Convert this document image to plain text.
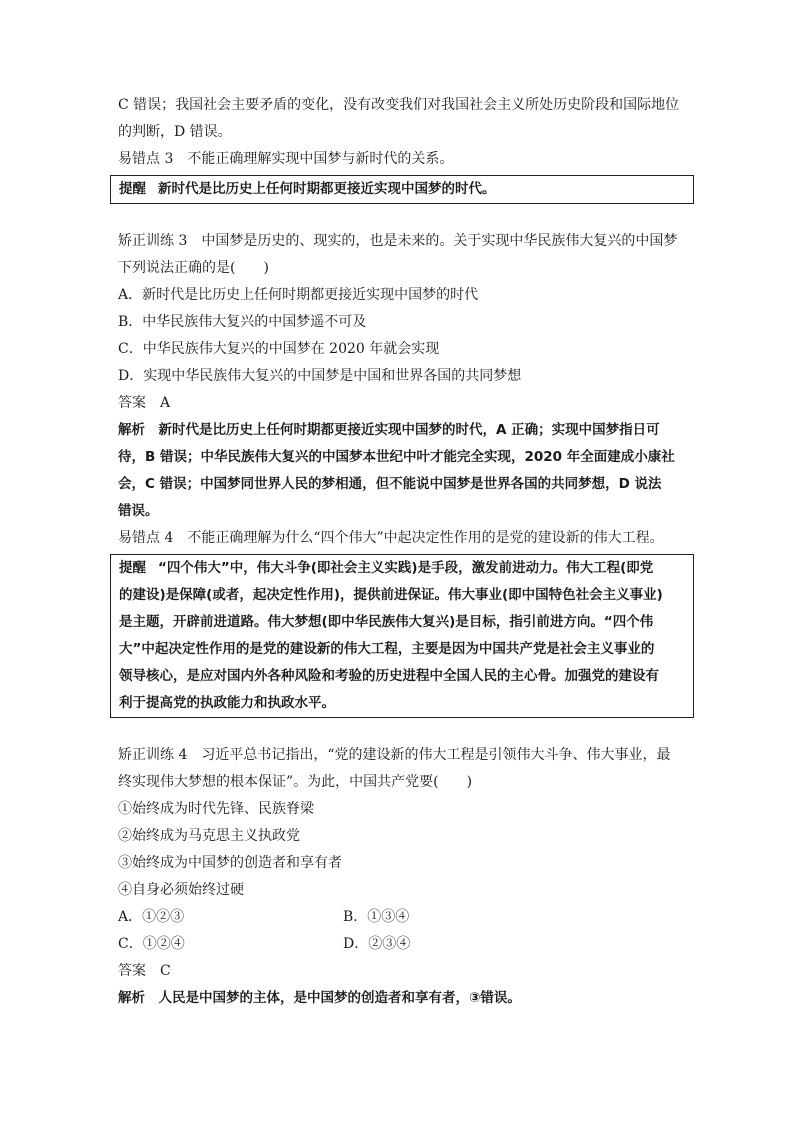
C 错误；我国社会主要矛盾的变化，没有改变我们对我国社会主义所处历史阶段和国际地位
的判断，D 错误。
易错点 3　不能正确理解实现中国梦与新时代的关系。
提醒 新时代是比历史上任何时期都更接近实现中国梦的时代。
矫正训练 3　中国梦是历史的、现实的，也是未来的。关于实现中华民族伟大复兴的中国梦
下列说法正确的是(　　)
A．新时代是比历史上任何时期都更接近实现中国梦的时代
B．中华民族伟大复兴的中国梦遥不可及
C．中华民族伟大复兴的中国梦在 2020 年就会实现
D．实现中华民族伟大复兴的中国梦是中国和世界各国的共同梦想
答案　A
解析　新时代是比历史上任何时期都更接近实现中国梦的时代，A 正确；实现中国梦指日可
待，B 错误；中华民族伟大复兴的中国梦本世纪中叶才能完全实现，2020 年全面建成小康社
会，C 错误；中国梦同世界人民的梦相通，但不能说中国梦是世界各国的共同梦想，D 说法
错误。
易错点 4　不能正确理解为什么“四个伟大”中起决定性作用的是党的建设新的伟大工程。
提醒 “四个伟大”中，伟大斗争(即社会主义实践)是手段，激发前进动力。伟大工程(即党
的建设)是保障(或者，起决定性作用)，提供前进保证。伟大事业(即中国特色社会主义事业)
是主题，开辟前进道路。伟大梦想(即中华民族伟大复兴)是目标，指引前进方向。“四个伟
大”中起决定性作用的是党的建设新的伟大工程，主要是因为中国共产党是社会主义事业的
领导核心，是应对国内外各种风险和考验的历史进程中全国人民的主心骨。加强党的建设有
利于提高党的执政能力和执政水平。
矫正训练 4　习近平总书记指出，“党的建设新的伟大工程是引领伟大斗争、伟大事业，最
终实现伟大梦想的根本保证”。为此，中国共产党要(　　)
①始终成为时代先锋、民族脊梁
②始终成为马克思主义执政党
③始终成为中国梦的创造者和享有者
④自身必须始终过硬
A．①②③	B．①③④
C．①②④	D．②③④
答案　C
解析　人民是中国梦的主体，是中国梦的创造者和享有者，③错误。
